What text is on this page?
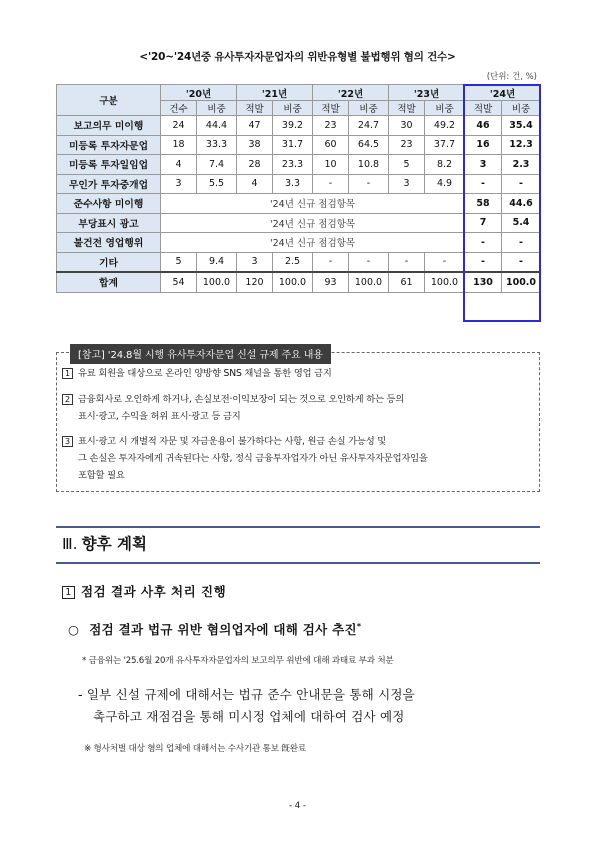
<'20~'24년중 유사투자자문업자의 위반유형별 불법행위 혐의 건수>
(단위: 건, %)
구분	'20년		'21년		'22년		'23년		'24년	
	건수	비중	적발	비중	적발	비중	적발	비중	적발	비중
보고의무 미이행	24	44.4	47	39.2	23	24.7	30	49.2	46	35.4
미등록 투자자문업	18	33.3	38	31.7	60	64.5	23	37.7	16	12.3
미등록 투자일임업	4	7.4	28	23.3	10	10.8	5	8.2	3	2.3
무인가 투자중개업	3	5.5	4	3.3	-	-	3	4.9	-	-
준수사항 미이행	'24년 신규 점검항목								58	44.6
부당표시 광고	'24년 신규 점검항목								7	5.4
불건전 영업행위	'24년 신규 점검항목								-	-
기타	5	9.4	3	2.5	-	-	-	-	-	-
합계	54	100.0	120	100.0	93	100.0	61	100.0	130	100.0
[참고] '24.8월 시행 유사투자자문업 신설 규제 주요 내용
1 유료 회원을 대상으로 온라인 양방향 SNS 채널을 통한 영업 금지
2 금융회사로 오인하게 하거나, 손실보전·이익보장이 되는 것으로 오인하게 하는 등의
표시·광고, 수익을 허위 표시·광고 등 금지
3 표시·광고 시 개별적 자문 및 자금운용이 불가하다는 사항, 원금 손실 가능성 및
그 손실은 투자자에게 귀속된다는 사항, 정식 금융투자업자가 아닌 유사투자자문업자임을
포함할 필요
Ⅲ. 향후 계획
1 점검 결과 사후 처리 진행
○ 점검 결과 법규 위반 혐의업자에 대해 검사 추진*
* 금융위는 '25.6월 20개 유사투자자문업자의 보고의무 위반에 대해 과태료 부과 처분
- 일부 신설 규제에 대해서는 법규 준수 안내문을 통해 시정을
촉구하고 재점검을 통해 미시정 업체에 대하여 검사 예정
※ 형사처벌 대상 혐의 업체에 대해서는 수사기관 통보 旣완료
- 4 -
